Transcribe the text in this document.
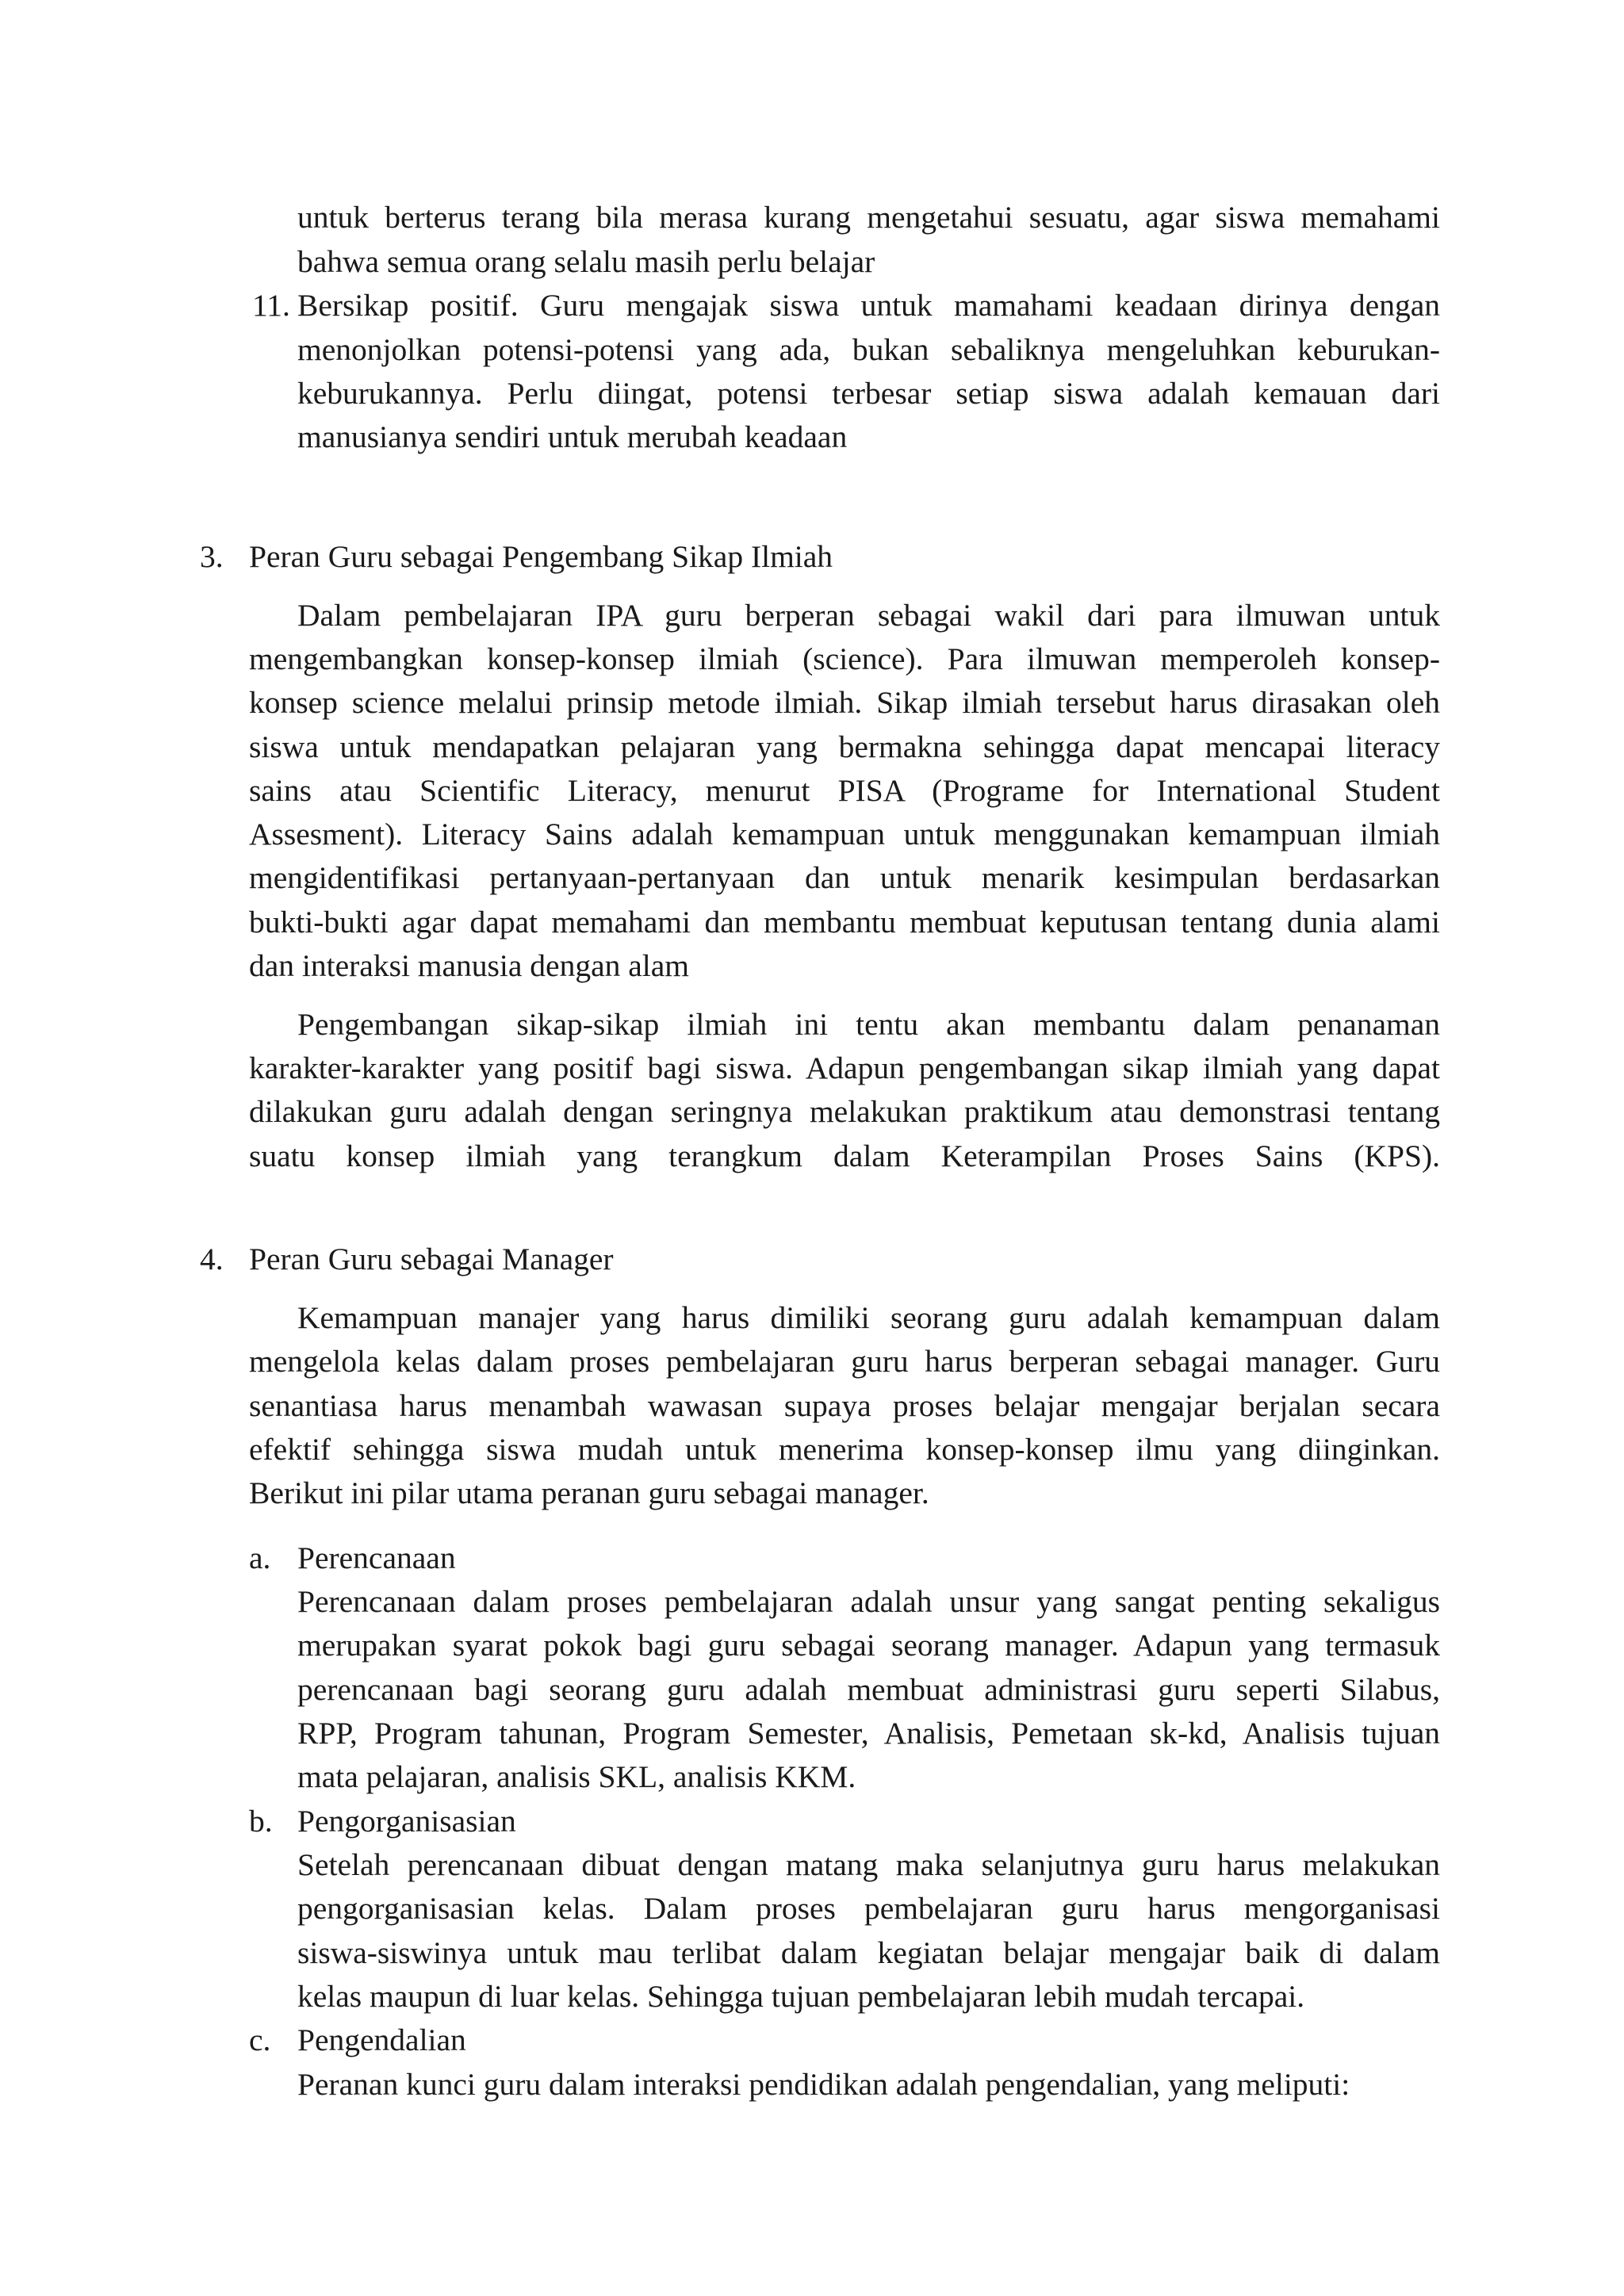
untuk berterus terang bila merasa kurang mengetahui sesuatu, agar siswa memahami
bahwa semua orang selalu masih perlu belajar
11. Bersikap positif. Guru mengajak siswa untuk mamahami keadaan dirinya dengan
menonjolkan potensi-potensi yang ada, bukan sebaliknya mengeluhkan keburukan-
keburukannya. Perlu diingat, potensi terbesar setiap siswa adalah kemauan dari
manusianya sendiri untuk merubah keadaan
3. Peran Guru sebagai Pengembang Sikap Ilmiah
Dalam pembelajaran IPA guru berperan sebagai wakil dari para ilmuwan untuk
mengembangkan konsep-konsep ilmiah (science). Para ilmuwan memperoleh konsep-
konsep science melalui prinsip metode ilmiah. Sikap ilmiah tersebut harus dirasakan oleh
siswa untuk mendapatkan pelajaran yang bermakna sehingga dapat mencapai literacy
sains atau Scientific Literacy, menurut PISA (Programe for International Student
Assesment). Literacy Sains adalah kemampuan untuk menggunakan kemampuan ilmiah
mengidentifikasi pertanyaan-pertanyaan dan untuk menarik kesimpulan berdasarkan
bukti-bukti agar dapat memahami dan membantu membuat keputusan tentang dunia alami
dan interaksi manusia dengan alam
Pengembangan sikap-sikap ilmiah ini tentu akan membantu dalam penanaman
karakter-karakter yang positif bagi siswa. Adapun pengembangan sikap ilmiah yang dapat
dilakukan guru adalah dengan seringnya melakukan praktikum atau demonstrasi tentang
suatu konsep ilmiah yang terangkum dalam Keterampilan Proses Sains (KPS).
4. Peran Guru sebagai Manager
Kemampuan manajer yang harus dimiliki seorang guru adalah kemampuan dalam
mengelola kelas dalam proses pembelajaran guru harus berperan sebagai manager. Guru
senantiasa harus menambah wawasan supaya proses belajar mengajar berjalan secara
efektif sehingga siswa mudah untuk menerima konsep-konsep ilmu yang diinginkan.
Berikut ini pilar utama peranan guru sebagai manager.
a. Perencanaan
Perencanaan dalam proses pembelajaran adalah unsur yang sangat penting sekaligus
merupakan syarat pokok bagi guru sebagai seorang manager. Adapun yang termasuk
perencanaan bagi seorang guru adalah membuat administrasi guru seperti Silabus,
RPP, Program tahunan, Program Semester, Analisis, Pemetaan sk-kd, Analisis tujuan
mata pelajaran, analisis SKL, analisis KKM.
b. Pengorganisasian
Setelah perencanaan dibuat dengan matang maka selanjutnya guru harus melakukan
pengorganisasian kelas. Dalam proses pembelajaran guru harus mengorganisasi
siswa-siswinya untuk mau terlibat dalam kegiatan belajar mengajar baik di dalam
kelas maupun di luar kelas. Sehingga tujuan pembelajaran lebih mudah tercapai.
c. Pengendalian
Peranan kunci guru dalam interaksi pendidikan adalah pengendalian, yang meliputi:
